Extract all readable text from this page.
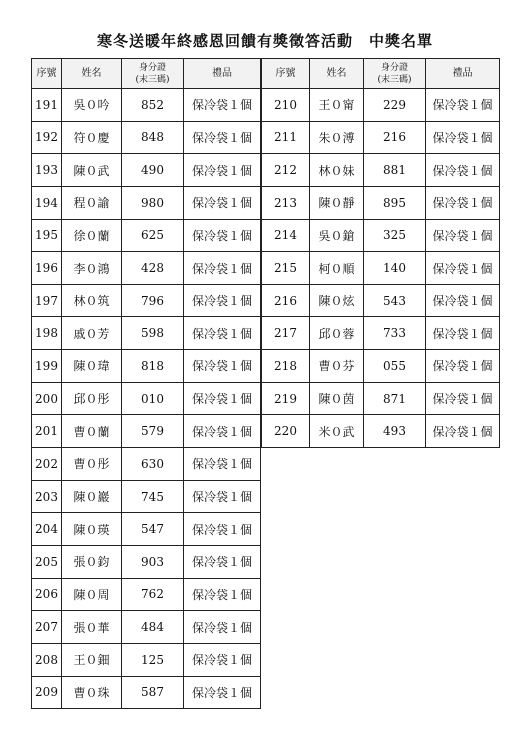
寒冬送暖年終感恩回饋有獎徵答活動　中獎名單
序號	姓名	身分證
(末三碼)	禮品
191	吳０吟	852	保冷袋１個
192	符０慶	848	保冷袋１個
193	陳０武	490	保冷袋１個
194	程０諭	980	保冷袋１個
195	徐０蘭	625	保冷袋１個
196	李０鴻	428	保冷袋１個
197	林０筑	796	保冷袋１個
198	戚０芳	598	保冷袋１個
199	陳０瑋	818	保冷袋１個
200	邱０彤	010	保冷袋１個
201	曹０蘭	579	保冷袋１個
202	曹０彤	630	保冷袋１個
203	陳０巖	745	保冷袋１個
204	陳０瑛	547	保冷袋１個
205	張０鈞	903	保冷袋１個
206	陳０周	762	保冷袋１個
207	張０華	484	保冷袋１個
208	王０鈿	125	保冷袋１個
209	曹０珠	587	保冷袋１個
序號	姓名	身分證
(末三碼)	禮品
210	王０甯	229	保冷袋１個
211	朱０溥	216	保冷袋１個
212	林０妹	881	保冷袋１個
213	陳０靜	895	保冷袋１個
214	吳０鎗	325	保冷袋１個
215	柯０順	140	保冷袋１個
216	陳０炫	543	保冷袋１個
217	邱０蓉	733	保冷袋１個
218	曹０芬	055	保冷袋１個
219	陳０茵	871	保冷袋１個
220	米０武	493	保冷袋１個
